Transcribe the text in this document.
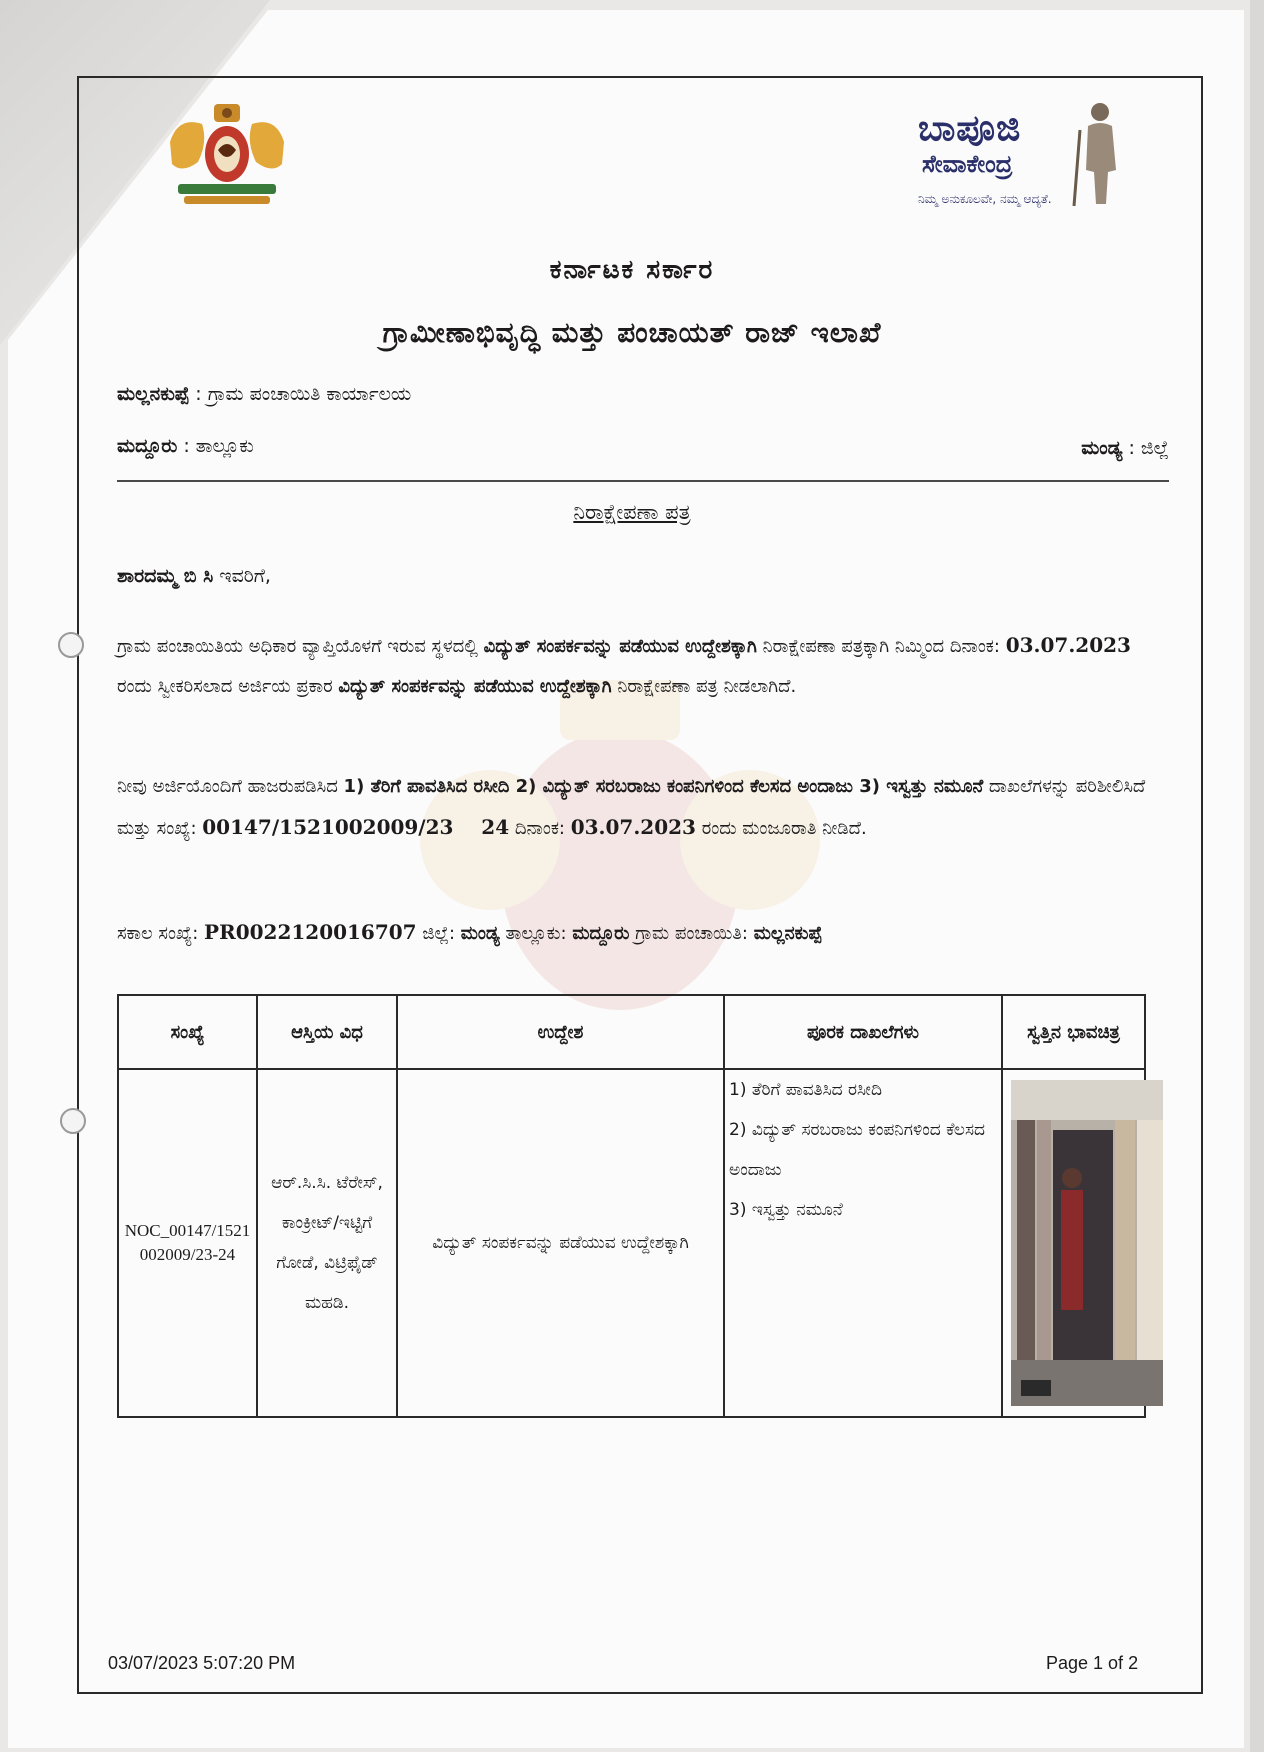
ಬಾಪೂಜಿ
ಸೇವಾಕೇಂದ್ರ
ನಿಮ್ಮ ಅನುಕೂಲವೇ, ನಮ್ಮ ಆದ್ಯತೆ.
ಕರ್ನಾಟಕ ಸರ್ಕಾರ
ಗ್ರಾಮೀಣಾಭಿವೃದ್ಧಿ ಮತ್ತು ಪಂಚಾಯತ್ ರಾಜ್ ಇಲಾಖೆ
ಮಲ್ಲನಕುಪ್ಪೆ : ಗ್ರಾಮ ಪಂಚಾಯಿತಿ ಕಾರ್ಯಾಲಯ
ಮದ್ದೂರು : ತಾಲ್ಲೂಕು	ಮಂಡ್ಯ : ಜಿಲ್ಲೆ
ನಿರಾಕ್ಷೇಪಣಾ ಪತ್ರ
ಶಾರದಮ್ಮ ಬಿ ಸಿ ಇವರಿಗೆ,
ಗ್ರಾಮ ಪಂಚಾಯಿತಿಯ ಅಧಿಕಾರ ವ್ಯಾಪ್ತಿಯೊಳಗೆ ಇರುವ ಸ್ಥಳದಲ್ಲಿ ವಿದ್ಯುತ್ ಸಂಪರ್ಕವನ್ನು ಪಡೆಯುವ ಉದ್ದೇಶಕ್ಕಾಗಿ ನಿರಾಕ್ಷೇಪಣಾ ಪತ್ರಕ್ಕಾಗಿ ನಿಮ್ಮಿಂದ ದಿನಾಂಕ: 03.07.2023 ರಂದು ಸ್ವೀಕರಿಸಲಾದ ಅರ್ಜಿಯ ಪ್ರಕಾರ ವಿದ್ಯುತ್ ಸಂಪರ್ಕವನ್ನು ಪಡೆಯುವ ಉದ್ದೇಶಕ್ಕಾಗಿ ನಿರಾಕ್ಷೇಪಣಾ ಪತ್ರ ನೀಡಲಾಗಿದೆ.
ನೀವು ಅರ್ಜಿಯೊಂದಿಗೆ ಹಾಜರುಪಡಿಸಿದ 1) ತೆರಿಗೆ ಪಾವತಿಸಿದ ರಸೀದಿ 2) ವಿದ್ಯುತ್ ಸರಬರಾಜು ಕಂಪನಿಗಳಿಂದ ಕೆಲಸದ ಅಂದಾಜು 3) ಇಸ್ವತ್ತು ನಮೂನೆ ದಾಖಲೆಗಳನ್ನು ಪರಿಶೀಲಿಸಿದೆ ಮತ್ತು ಸಂಖ್ಯೆ: 00147/1521002009/23    24 ದಿನಾಂಕ: 03.07.2023 ರಂದು ಮಂಜೂರಾತಿ ನೀಡಿದೆ.
ಸಕಾಲ ಸಂಖ್ಯೆ: PR0022120016707 ಜಿಲ್ಲೆ: ಮಂಡ್ಯ ತಾಲ್ಲೂಕು: ಮದ್ದೂರು ಗ್ರಾಮ ಪಂಚಾಯಿತಿ: ಮಲ್ಲನಕುಪ್ಪೆ
ಸಂಖ್ಯೆ	ಆಸ್ತಿಯ ವಿಧ	ಉದ್ದೇಶ	ಪೂರಕ ದಾಖಲೆಗಳು	ಸ್ವತ್ತಿನ ಭಾವಚಿತ್ರ
NOC_00147/1521002009/23-24	ಆರ್.ಸಿ.ಸಿ. ಟೆರೇಸ್, ಕಾಂಕ್ರೀಟ್/ಇಟ್ಟಿಗೆ ಗೋಡೆ, ವಿಟ್ರಿಫೈಡ್ ಮಹಡಿ.	ವಿದ್ಯುತ್ ಸಂಪರ್ಕವನ್ನು ಪಡೆಯುವ ಉದ್ದೇಶಕ್ಕಾಗಿ	1) ತೆರಿಗೆ ಪಾವತಿಸಿದ ರಸೀದಿ
2) ವಿದ್ಯುತ್ ಸರಬರಾಜು ಕಂಪನಿಗಳಿಂದ ಕೆಲಸದ ಅಂದಾಜು
3) ಇಸ್ವತ್ತು ನಮೂನೆ

03/07/2023 5:07:20 PM	Page 1 of 2
